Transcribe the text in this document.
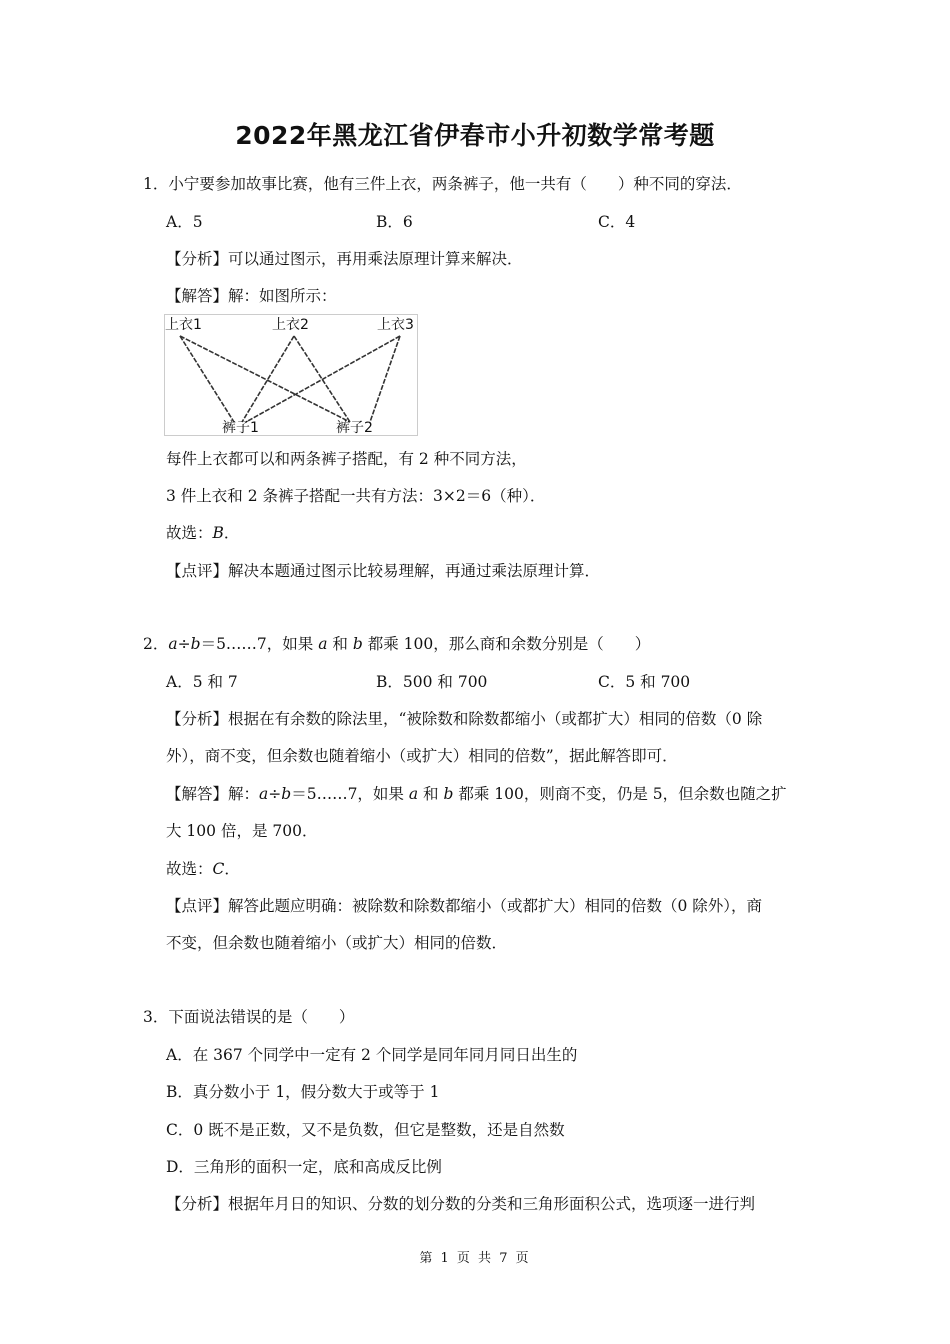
2022年黑龙江省伊春市小升初数学常考题
1．小宁要参加故事比赛，他有三件上衣，两条裤子，他一共有（　　）种不同的穿法．
A．5	B．6	C．4
【分析】可以通过图示，再用乘法原理计算来解决．
【解答】解：如图所示：
上衣1	上衣2	上衣3
裤子1	裤子2
每件上衣都可以和两条裤子搭配，有 2 种不同方法，
3 件上衣和 2 条裤子搭配一共有方法：3×2＝6（种）．
故选：B．
【点评】解决本题通过图示比较易理解，再通过乘法原理计算．
2．a÷b＝5……7，如果 a 和 b 都乘 100，那么商和余数分别是（　　）
A．5 和 7	B．500 和 700	C．5 和 700
【分析】根据在有余数的除法里，“被除数和除数都缩小（或都扩大）相同的倍数（0 除
外），商不变，但余数也随着缩小（或扩大）相同的倍数”，据此解答即可．
【解答】解：a÷b＝5……7，如果 a 和 b 都乘 100，则商不变，仍是 5，但余数也随之扩
大 100 倍，是 700．
故选：C．
【点评】解答此题应明确：被除数和除数都缩小（或都扩大）相同的倍数（0 除外），商
不变，但余数也随着缩小（或扩大）相同的倍数．
3．下面说法错误的是（　　）
A．在 367 个同学中一定有 2 个同学是同年同月同日出生的
B．真分数小于 1，假分数大于或等于 1
C．0 既不是正数，又不是负数，但它是整数，还是自然数
D．三角形的面积一定，底和高成反比例
【分析】根据年月日的知识、分数的划分数的分类和三角形面积公式，选项逐一进行判
第 1 页 共 7 页
